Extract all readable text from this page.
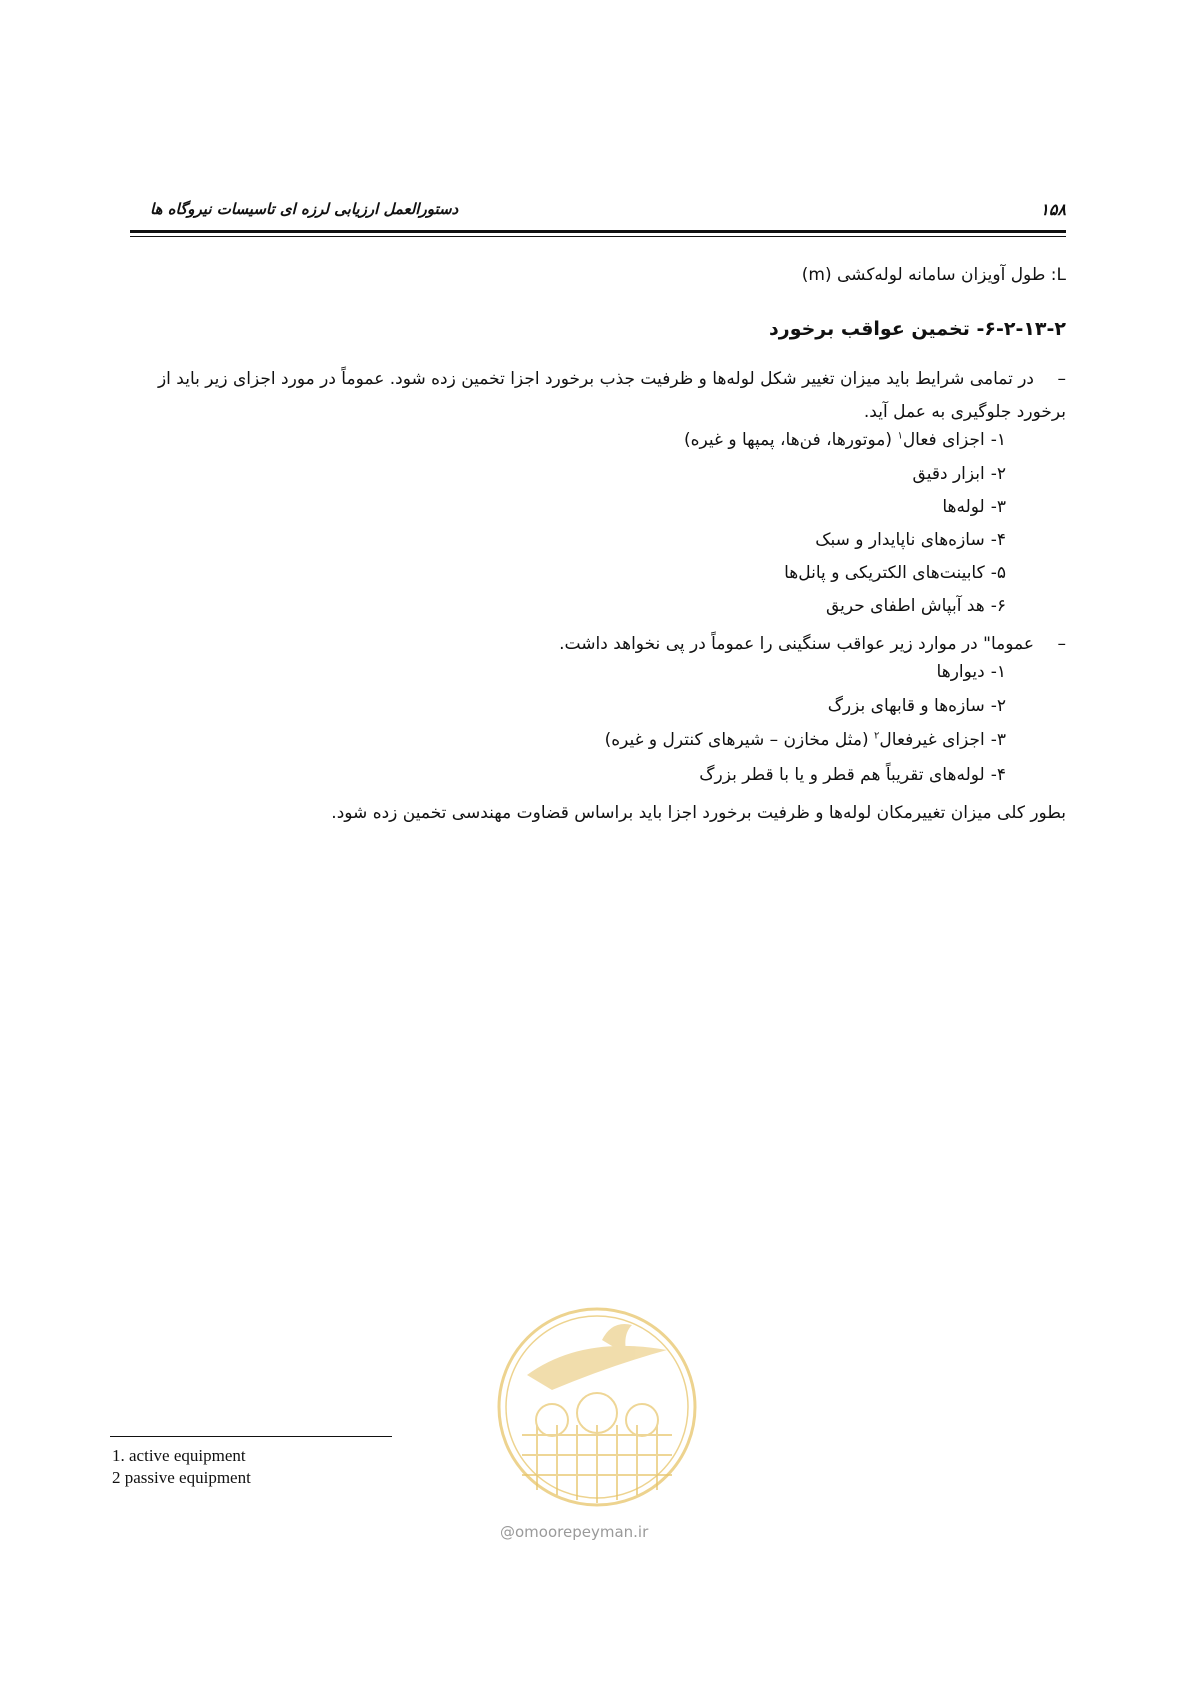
۱۵۸
دستورالعمل ارزیابی لرزه ای تاسیسات نیروگاه ها
L: طول آویزان سامانه لوله‌کشی (m)
۶-۲-۱۳-۲- تخمین عواقب برخورد
–در تمامی شرایط باید میزان تغییر شکل لوله‌ها و ظرفیت جذب برخورد اجزا تخمین زده شود. عموماً در مورد اجزای زیر باید از برخورد جلوگیری به عمل آید.
۱-اجزای فعال$^۱$ (موتورها، فن‌ها، پمپها و غیره)
۲-ابزار دقیق
۳-لوله‌ها
۴-سازه‌های ناپایدار و سبک
۵-کابینت‌های الکتریکی و پانل‌ها
۶-هد آبپاش اطفای حریق
–عموما" در موارد زیر عواقب سنگینی را عموماً در پی نخواهد داشت.
۱-دیوارها
۲-سازه‌ها و قابهای بزرگ
۳-اجزای غیرفعال$^۲$ (مثل مخازن – شیرهای کنترل و غیره)
۴-لوله‌های تقریباً هم قطر و یا با قطر بزرگ
بطور کلی میزان تغییرمکان لوله‌ها و ظرفیت برخورد اجزا باید براساس قضاوت مهندسی تخمین زده شود.
@omoorepeyman.ir
1. active equipment
2 passive equipment
